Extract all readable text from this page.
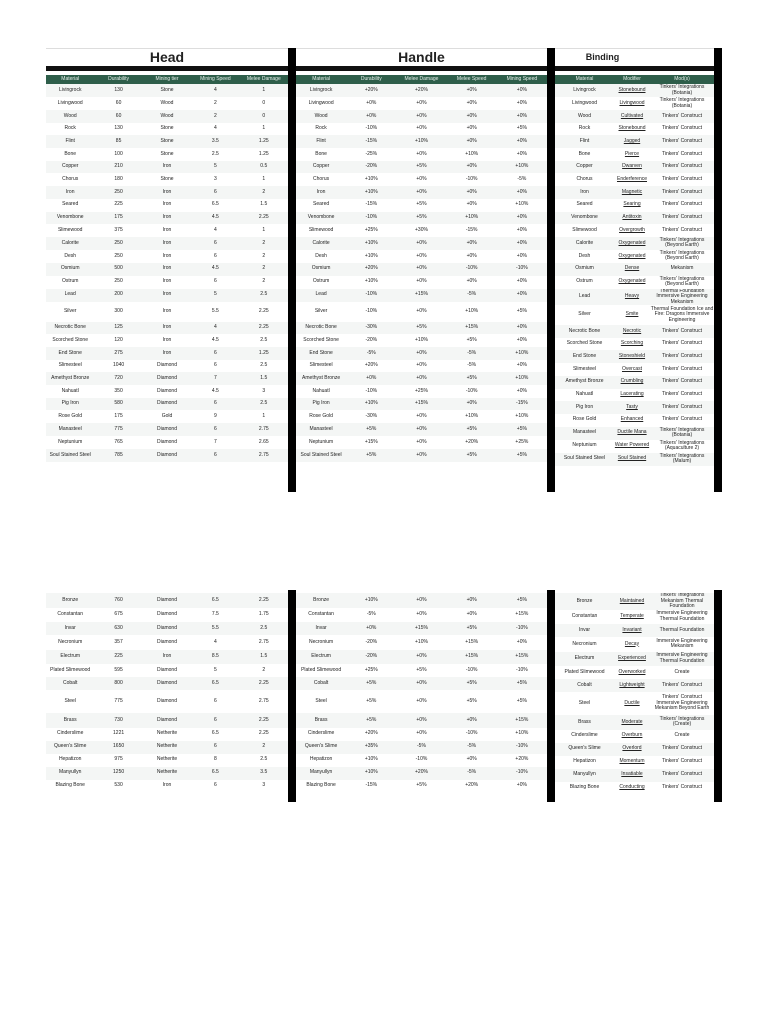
Head	Handle	Binding
Material	Durability	Mining tier	Mining Speed	Melee Damage
Livingrock	130	Stone	4	1
Livingwood	60	Wood	2	0
Wood	60	Wood	2	0
Rock	130	Stone	4	1
Flint	85	Stone	3.5	1.25
Bone	100	Stone	2.5	1.25
Copper	210	Iron	5	0.5
Chorus	180	Stone	3	1
Iron	250	Iron	6	2
Seared	225	Iron	6.5	1.5
Venombone	175	Iron	4.5	2.25
Slimewood	375	Iron	4	1
Calorite	250	Iron	6	2
Desh	250	Iron	6	2
Osmium	500	Iron	4.5	2
Ostrum	250	Iron	6	2
Lead	200	Iron	5	2.5
Silver	300	Iron	5.5	2.25
Necrotic Bone	125	Iron	4	2.25
Scorched Stone	120	Iron	4.5	2.5
End Stone	275	Iron	6	1.25
Slimesteel	1040	Diamond	6	2.5
Amethyst Bronze	720	Diamond	7	1.5
Nahuatl	350	Diamond	4.5	3
Pig Iron	580	Diamond	6	2.5
Rose Gold	175	Gold	9	1
Manasteel	775	Diamond	6	2.75
Neptunium	765	Diamond	7	2.65
Soul Stained Steel	785	Diamond	6	2.75
Material	Durability	Melee Damage	Melee Speed	Mining Speed
Livingrock	+20%	+20%	+0%	+0%
Livingwood	+0%	+0%	+0%	+0%
Wood	+0%	+0%	+0%	+0%
Rock	-10%	+0%	+0%	+5%
Flint	-15%	+10%	+0%	+0%
Bone	-25%	+0%	+10%	+0%
Copper	-20%	+5%	+0%	+10%
Chorus	+10%	+0%	-10%	-5%
Iron	+10%	+0%	+0%	+0%
Seared	-15%	+5%	+0%	+10%
Venombone	-10%	+5%	+10%	+0%
Slimewood	+25%	+30%	-15%	+0%
Calorite	+10%	+0%	+0%	+0%
Desh	+10%	+0%	+0%	+0%
Osmium	+20%	+0%	-10%	-10%
Ostrum	+10%	+0%	+0%	+0%
Lead	-10%	+15%	-5%	+0%
Silver	-10%	+0%	+10%	+5%
Necrotic Bone	-30%	+5%	+15%	+0%
Scorched Stone	-20%	+10%	+5%	+0%
End Stone	-5%	+0%	-5%	+10%
Slimesteel	+20%	+0%	-5%	+0%
Amethyst Bronze	+0%	+0%	+5%	+10%
Nahuatl	-10%	+25%	-10%	+0%
Pig Iron	+10%	+15%	+0%	-15%
Rose Gold	-30%	+0%	+10%	+10%
Manasteel	+5%	+0%	+5%	+5%
Neptunium	+15%	+0%	+20%	+25%
Soul Stained Steel	+5%	+0%	+5%	+5%
Material	Modifier	Mod(s)
Livingrock	Stonebound	Tinkers' Integrations (Botania)
Livingwood	Livingwood	Tinkers' Integrations (Botania)
Wood	Cultivated	Tinkers' Construct
Rock	Stonebound	Tinkers' Construct
Flint	Jagged	Tinkers' Construct
Bone	Pierce	Tinkers' Construct
Copper	Dwarven	Tinkers' Construct
Chorus	Enderference	Tinkers' Construct
Iron	Magnetic	Tinkers' Construct
Seared	Searing	Tinkers' Construct
Venombone	Antitoxin	Tinkers' Construct
Slimewood	Overgrowth	Tinkers' Construct
Calorite	Oxygenated	Tinkers' Integrations (Beyond Earth)
Desh	Oxygenated	Tinkers' Integrations (Beyond Earth)
Osmium	Dense	Mekanism
Ostrum	Oxygenated	Tinkers' Integrations (Beyond Earth)
Lead	Heavy	Thermal Foundation Immersive Engineering Mekanism
Silver	Smite	Thermal Foundation Ice and Fire: Dragons Immersive Engineering
Necrotic Bone	Necrotic	Tinkers' Construct
Scorched Stone	Scorching	Tinkers' Construct
End Stone	Stoneshield	Tinkers' Construct
Slimesteel	Overcast	Tinkers' Construct
Amethyst Bronze	Crumbling	Tinkers' Construct
Nahuatl	Lacerating	Tinkers' Construct
Pig Iron	Tasty	Tinkers' Construct
Rose Gold	Enhanced	Tinkers' Construct
Manasteel	Ductile Mana	Tinkers' Integrations (Botania)
Neptunium	Water Powered	Tinkers' Integrations (Aquaculture 2)
Soul Stained Steel	Soul Stained	Tinkers' Integrations (Malum)
Bronze	760	Diamond	6.5	2.25
Constantan	675	Diamond	7.5	1.75
Invar	630	Diamond	5.5	2.5
Necronium	357	Diamond	4	2.75
Electrum	225	Iron	8.5	1.5
Plated Slimewood	595	Diamond	5	2
Cobalt	800	Diamond	6.5	2.25
Steel	775	Diamond	6	2.75
Brass	730	Diamond	6	2.25
Cinderslime	1221	Netherite	6.5	2.25
Queen's Slime	1650	Netherite	6	2
Hepatizon	975	Netherite	8	2.5
Manyullyn	1250	Netherite	6.5	3.5
Blazing Bone	530	Iron	6	3
Bronze	+10%	+0%	+0%	+5%
Constantan	-5%	+0%	+0%	+15%
Invar	+0%	+15%	+5%	-10%
Necronium	-20%	+10%	+15%	+0%
Electrum	-20%	+0%	+15%	+15%
Plated Slimewood	+25%	+5%	-10%	-10%
Cobalt	+5%	+0%	+5%	+5%
Steel	+5%	+0%	+5%	+5%
Brass	+5%	+0%	+0%	+15%
Cinderslime	+20%	+0%	-10%	+10%
Queen's Slime	+35%	-5%	-5%	-10%
Hepatizon	+10%	-10%	+0%	+20%
Manyullyn	+10%	+20%	-5%	-10%
Blazing Bone	-15%	+5%	+20%	+0%
Bronze	Maintained	Tinkers' Integrations Mekanism Thermal Foundation
Constantan	Temperate	Immersive Engineering Thermal Foundation
Invar	Invariant	Thermal Foundation
Necronium	Decay	Immersive Engineering Mekanism
Electrum	Experienced	Immersive Engineering Thermal Foundation
Plated Slimewood	Overworked	Create
Cobalt	Lightweight	Tinkers' Construct
Steel	Ductile	Tinkers' Construct Immersive Engineering Mekanism Beyond Earth
Brass	Moderate	Tinkers' Integrations (Create)
Cinderslime	Overburn	Create
Queen's Slime	Overlord	Tinkers' Construct
Hepatizon	Momentum	Tinkers' Construct
Manyullyn	Insatiable	Tinkers' Construct
Blazing Bone	Conducting	Tinkers' Construct
